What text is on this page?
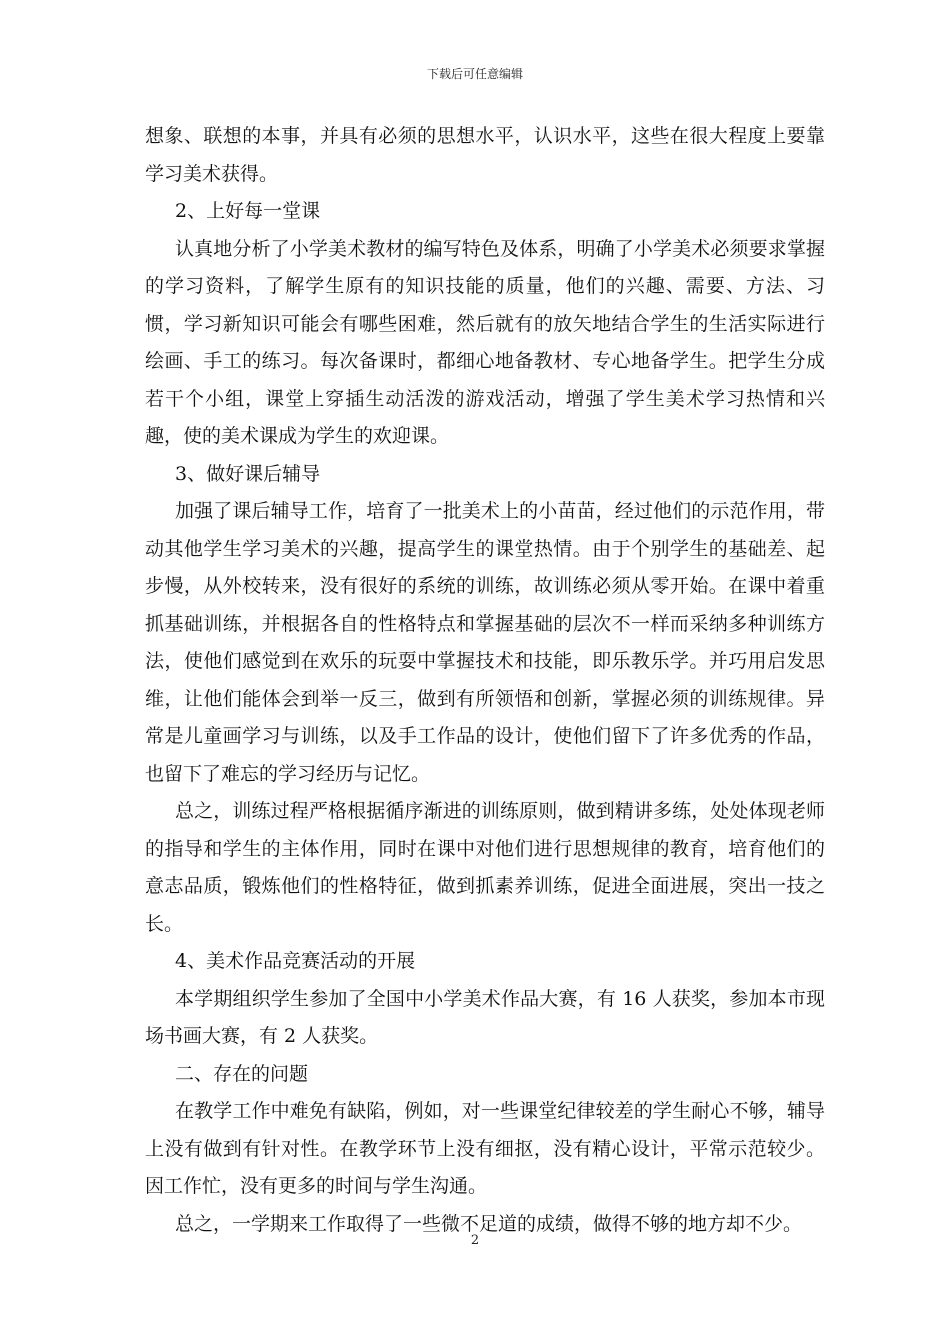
下载后可任意编辑

想象、联想的本事，并具有必须的思想水平，认识水平，这些在很大程度上要靠学习美术获得。

2、上好每一堂课

认真地分析了小学美术教材的编写特色及体系，明确了小学美术必须要求掌握的学习资料，了解学生原有的知识技能的质量，他们的兴趣、需要、方法、习惯，学习新知识可能会有哪些困难，然后就有的放矢地结合学生的生活实际进行绘画、手工的练习。每次备课时，都细心地备教材、专心地备学生。把学生分成若干个小组，课堂上穿插生动活泼的游戏活动，增强了学生美术学习热情和兴趣，使的美术课成为学生的欢迎课。

3、做好课后辅导

加强了课后辅导工作，培育了一批美术上的小苗苗，经过他们的示范作用，带动其他学生学习美术的兴趣，提高学生的课堂热情。由于个别学生的基础差、起步慢，从外校转来，没有很好的系统的训练，故训练必须从零开始。在课中着重抓基础训练，并根据各自的性格特点和掌握基础的层次不一样而采纳多种训练方法，使他们感觉到在欢乐的玩耍中掌握技术和技能，即乐教乐学。并巧用启发思维，让他们能体会到举一反三，做到有所领悟和创新，掌握必须的训练规律。异常是儿童画学习与训练，以及手工作品的设计，使他们留下了许多优秀的作品，也留下了难忘的学习经历与记忆。

总之，训练过程严格根据循序渐进的训练原则，做到精讲多练，处处体现老师的指导和学生的主体作用，同时在课中对他们进行思想规律的教育，培育他们的意志品质，锻炼他们的性格特征，做到抓素养训练，促进全面进展，突出一技之长。

4、美术作品竞赛活动的开展

本学期组织学生参加了全国中小学美术作品大赛，有 16 人获奖，参加本市现场书画大赛，有 2 人获奖。

二、存在的问题

在教学工作中难免有缺陷，例如，对一些课堂纪律较差的学生耐心不够，辅导上没有做到有针对性。在教学环节上没有细抠，没有精心设计，平常示范较少。因工作忙，没有更多的时间与学生沟通。

总之，一学期来工作取得了一些微不足道的成绩，做得不够的地方却不少。

2
